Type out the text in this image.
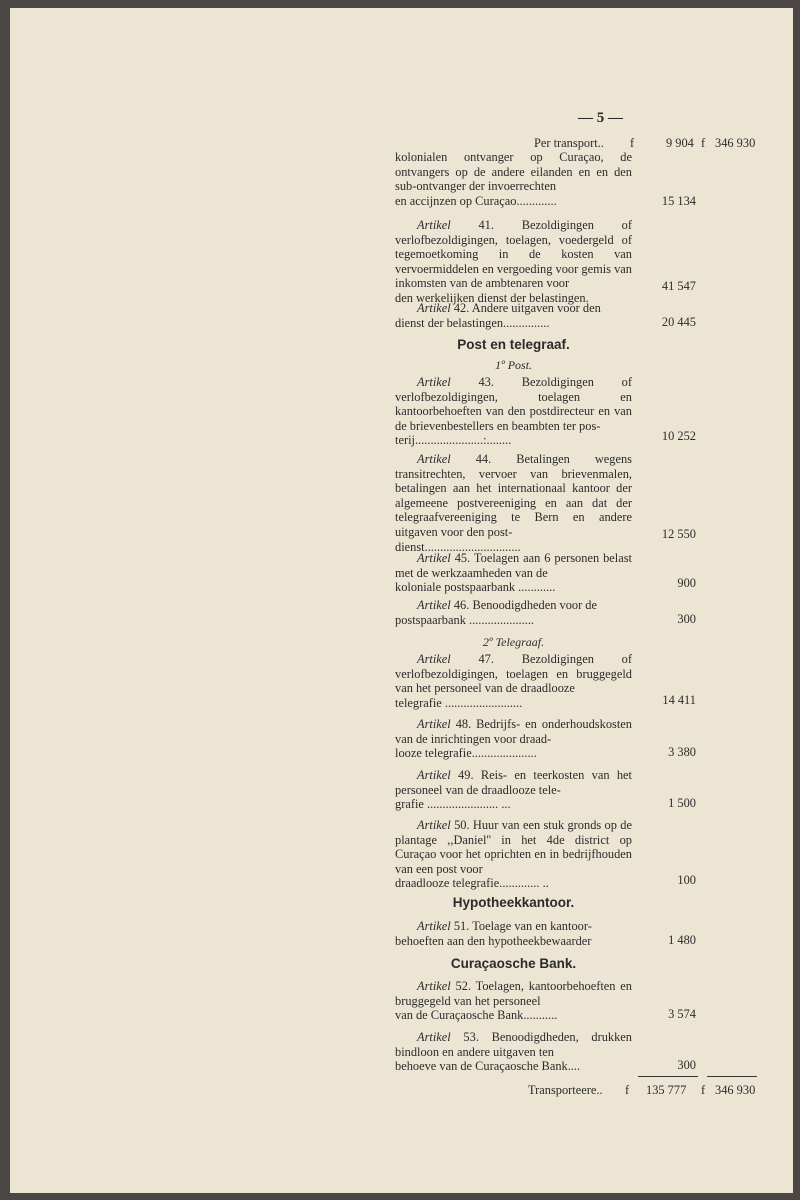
— 5 —
Per transport.. f	9 904 f 346 930
kolonialen ontvanger op Curaçao, de ontvangers op de andere eilanden en en den sub-ontvanger der invoerrechten
en accijnzen op Curaçao.............	15 134
Artikel 41. Bezoldigingen of verlofbezoldigingen, toelagen, voedergeld of tegemoetkoming in de kosten van vervoermiddelen en vergoeding voor gemis van inkomsten van de ambtenaren voor
den werkelijken dienst der belastingen.
41 547
Artikel 42. Andere uitgaven voor den
dienst der belastingen...............	20 445
Post en telegraaf.
1º Post.
Artikel 43. Bezoldigingen of verlofbezoldigingen, toelagen en kantoorbehoeften van den postdirecteur en van de brievenbestellers en beambten ter pos-
terij......................:........	10 252
Artikel 44. Betalingen wegens transitrechten, vervoer van brievenmalen, betalingen aan het internationaal kantoor der algemeene postvereeniging en aan dat der telegraafvereeniging te Bern en andere uitgaven voor den post-
dienst...............................
12 550
Artikel 45. Toelagen aan 6 personen belast met de werkzaamheden van de
koloniale postspaarbank ............	900
Artikel 46. Benoodigdheden voor de
postspaarbank .....................	300
2º Telegraaf.
Artikel 47. Bezoldigingen of verlofbezoldigingen, toelagen en bruggegeld van het personeel van de draadlooze
telegrafie .........................	14 411
Artikel 48. Bedrijfs- en onderhoudskosten van de inrichtingen voor draad-
looze telegrafie.....................	3 380
Artikel 49. Reis- en teerkosten van het personeel van de draadlooze tele-
grafie ....................... ...	1 500
Artikel 50. Huur van een stuk gronds op de plantage ,,Daniel'' in het 4de district op Curaçao voor het oprichten en in bedrijfhouden van een post voor
draadlooze telegrafie............. ..	100
Hypotheekkantoor.
Artikel 51. Toelage van en kantoor-
behoeften aan den hypotheekbewaarder	1 480
Curaçaosche Bank.
Artikel 52. Toelagen, kantoorbehoeften en bruggegeld van het personeel
van de Curaçaosche Bank...........	3 574
Artikel 53. Benoodigdheden, drukken bindloon en andere uitgaven ten
behoeve van de Curaçaosche Bank....	300
Transporteere.. f 135 777 f 346 930
